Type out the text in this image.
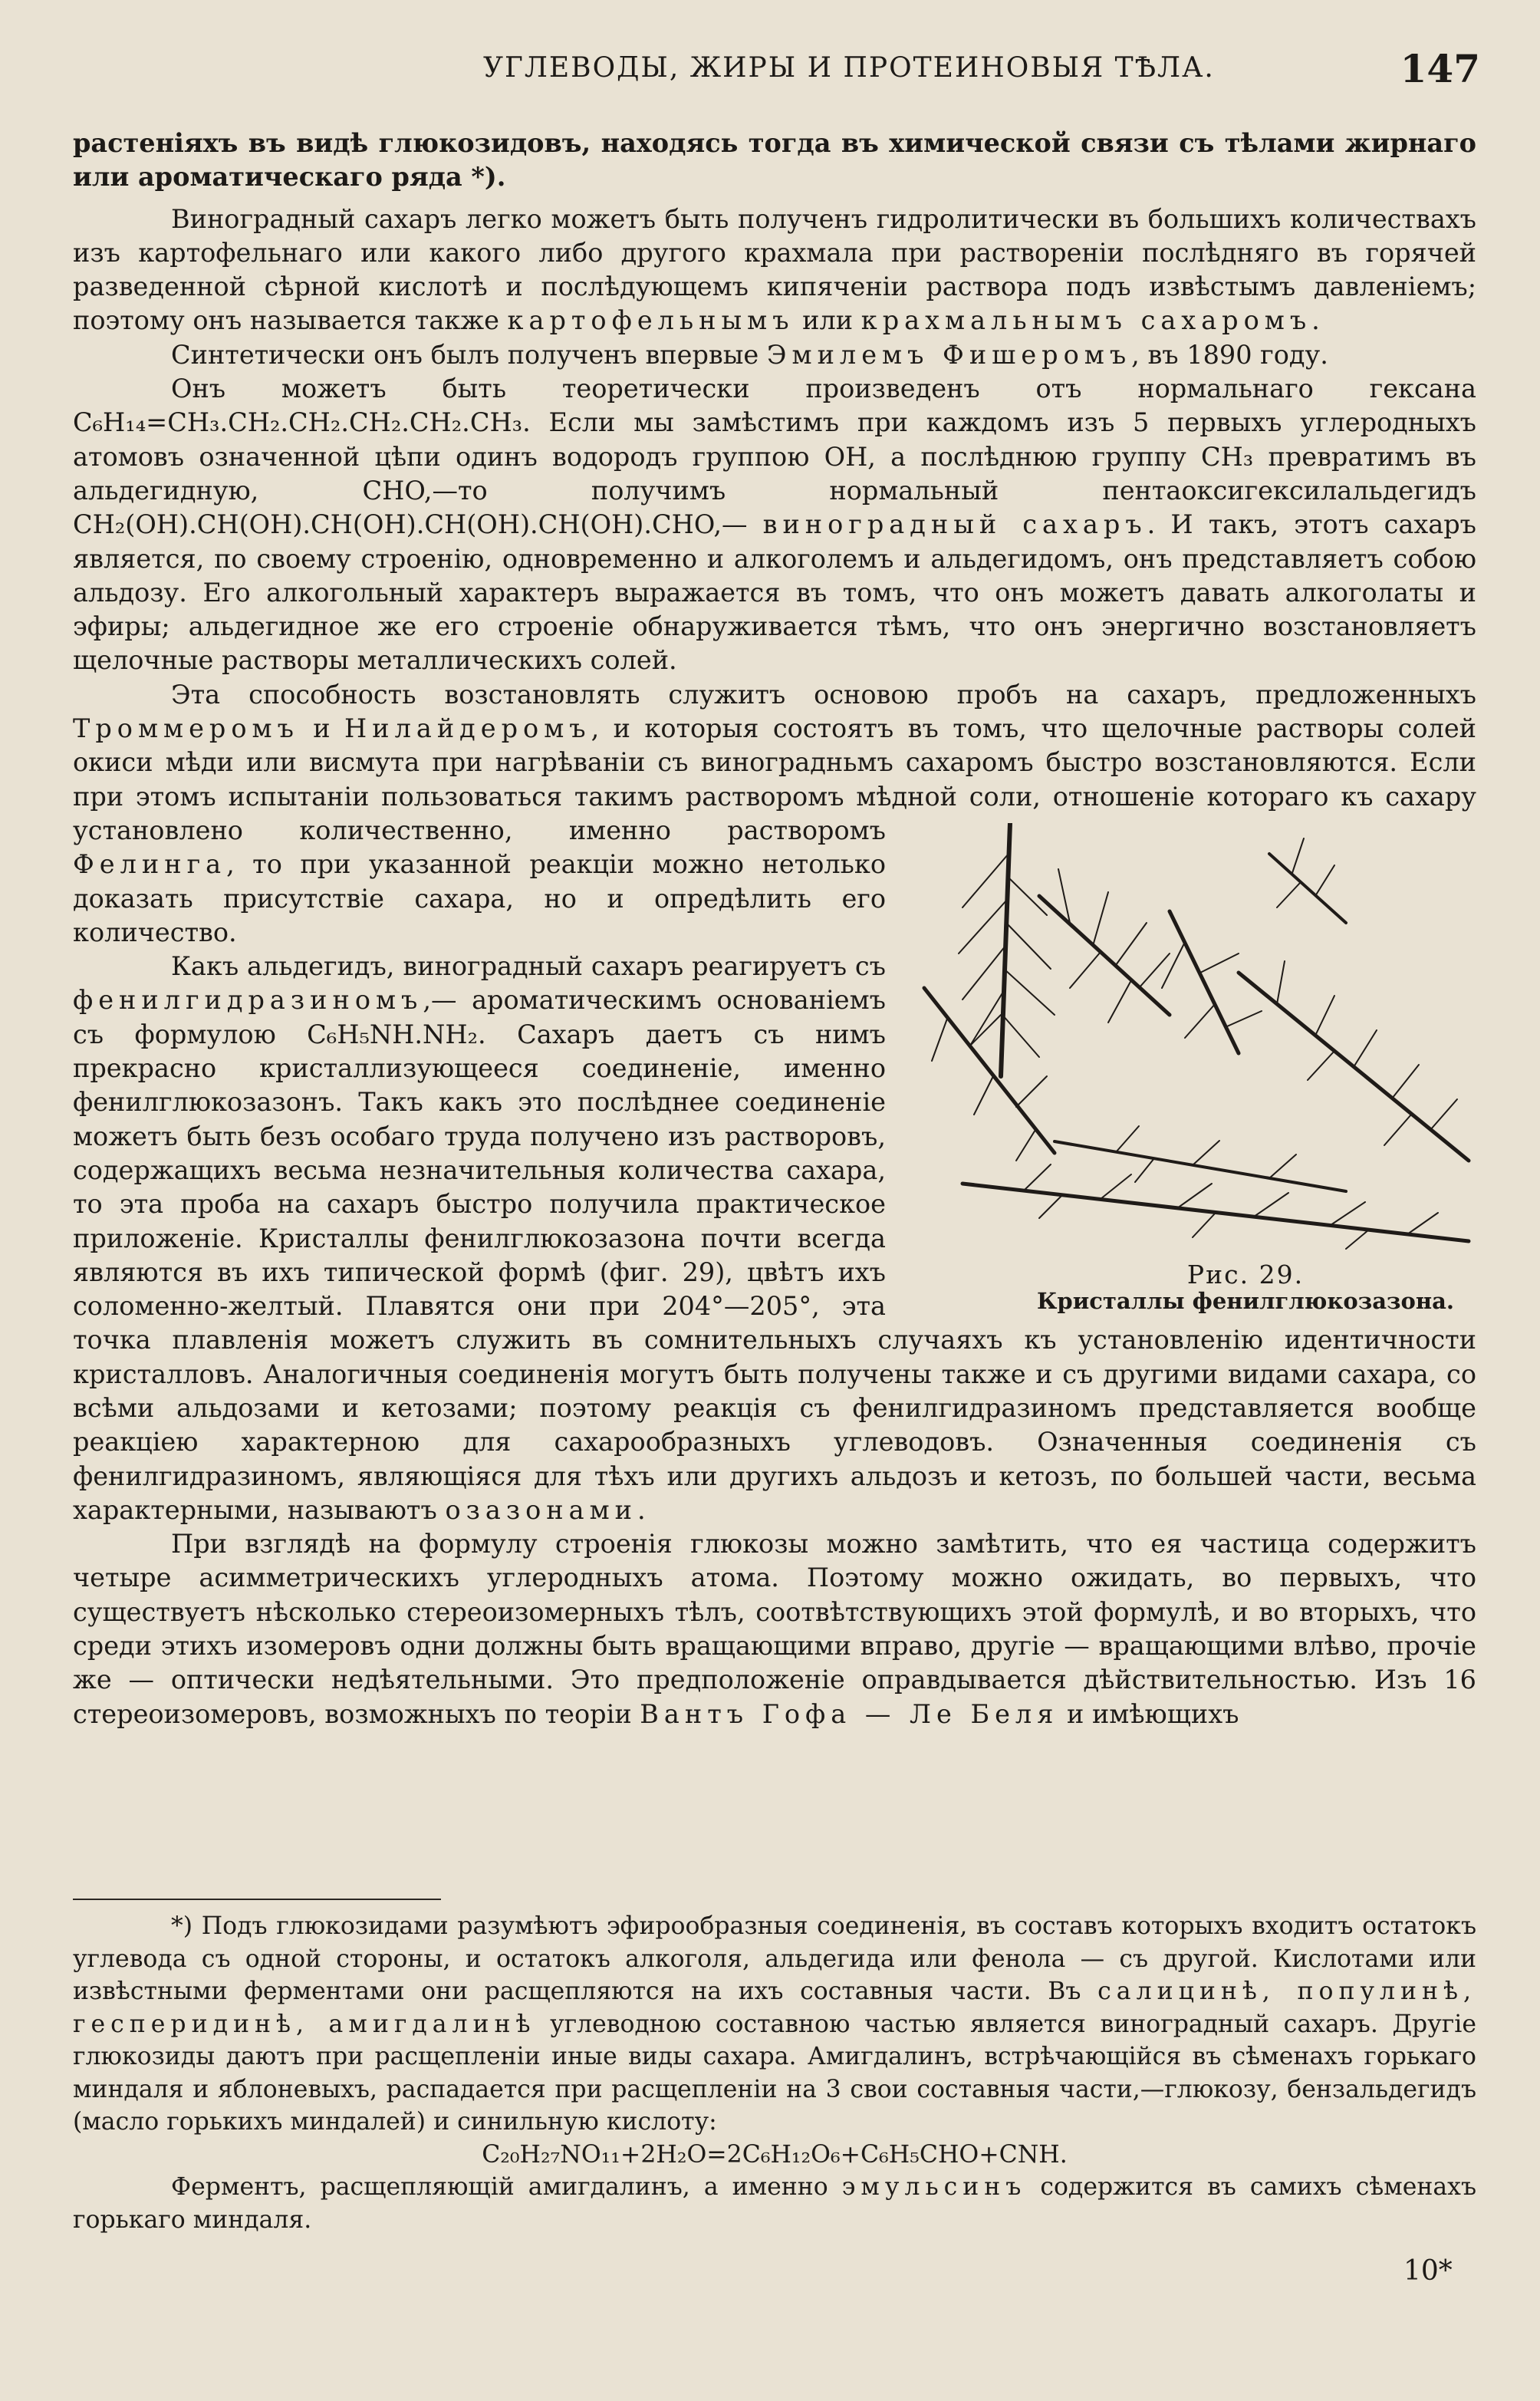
УГЛЕВОДЫ, ЖИРЫ И ПРОТЕИНОВЫЯ ТѢЛА.	147

растеніяхъ въ видѣ глюкозидовъ, находясь тогда въ химической связи съ тѣлами жирнаго или ароматическаго ряда *).

Виноградный сахаръ легко можетъ быть полученъ гидролитически въ большихъ количествахъ изъ картофельнаго или какого либо другого крахмала при раствореніи послѣдняго въ горячей разведенной сѣрной кислотѣ и послѣдующемъ кипяченіи раствора подъ извѣстымъ давленіемъ; поэтому онъ называется также картофельнымъ или крахмальнымъ сахаромъ.

Синтетически онъ былъ полученъ впервые Эмилемъ Фишеромъ, въ 1890 году.

Онъ можетъ быть теоретически произведенъ отъ нормальнаго гексана C₆H₁₄=CH₃.CH₂.CH₂.CH₂.CH₂.CH₃. Если мы замѣстимъ при каждомъ изъ 5 первыхъ углеродныхъ атомовъ означенной цѣпи одинъ водородъ группою OH, а послѣднюю группу CH₃ превратимъ въ альдегидную, CHO,—то получимъ нормальный пентаоксигексилальдегидъ CH₂(OH).CH(OH).CH(OH).CH(OH).CH(OH).CHO,— виноградный сахаръ. И такъ, этотъ сахаръ является, по своему строенію, одновременно и алкоголемъ и альдегидомъ, онъ представляетъ собою альдозу. Его алкогольный характеръ выражается въ томъ, что онъ можетъ давать алкоголаты и эфиры; альдегидное же его строеніе обнаруживается тѣмъ, что онъ энергично возстановляетъ щелочные растворы металлическихъ солей.

Эта способность возстановлять служитъ основою пробъ на сахаръ, предложенныхъ Троммеромъ и Нилайдеромъ, и которыя состоятъ въ томъ, что щелочные растворы солей окиси мѣди или висмута при нагрѣваніи съ виноградньмъ сахаромъ быстро возстановляются. Если при этомъ испытаніи пользоваться такимъ растворомъ мѣдной соли, отношеніе котораго къ сахару установлено количественно, именно растворомъ
Рис. 29.
Кристаллы фенилглюкозазона.
Фелинга, то при указанной реакціи можно нетолько доказать присутствіе сахара, но и опредѣлить его количество.

Какъ альдегидъ, виноградный сахаръ реагируетъ съ фенилгидразиномъ,— ароматическимъ основаніемъ съ формулою C₆H₅NH.NH₂. Сахаръ даетъ съ нимъ прекрасно кристаллизующееся соединеніе, именно фенилглюкозазонъ. Такъ какъ это послѣднее соединеніе можетъ быть безъ особаго труда получено изъ растворовъ, содержащихъ весьма незначительныя количества сахара, то эта проба на сахаръ быстро получила практическое приложеніе. Кристаллы фенилглюкозазона почти всегда являются въ ихъ типической формѣ (фиг. 29), цвѣтъ ихъ соломенно-желтый. Плавятся они при 204°—205°, эта точка плавленія можетъ служить въ сомнительныхъ случаяхъ къ установленію идентичности кристалловъ. Аналогичныя соединенія могутъ быть получены также и съ другими видами сахара, со всѣми альдозами и кетозами; поэтому реакція съ фенилгидразиномъ представляется вообще реакціею характерною для сахарообразныхъ углеводовъ. Означенныя соединенія съ фенилгидразиномъ, являющіяся для тѣхъ или другихъ альдозъ и кетозъ, по большей части, весьма характерными, называютъ озазонами.

При взглядѣ на формулу строенія глюкозы можно замѣтить, что ея частица содержитъ четыре асимметрическихъ углеродныхъ атома. Поэтому можно ожидать, во первыхъ, что существуетъ нѣсколько стереоизомерныхъ тѣлъ, соотвѣтствующихъ этой формулѣ, и во вторыхъ, что среди этихъ изомеровъ одни должны быть вращающими вправо, другіе — вращающими влѣво, прочіе же — оптически недѣятельными. Это предположеніе оправдывается дѣйствительностью. Изъ 16 стереоизомеровъ, возможныхъ по теоріи Вантъ Гофа — Ле Беля и имѣющихъ

*) Подъ глюкозидами разумѣютъ эфирообразныя соединенія, въ составъ которыхъ входитъ остатокъ углевода съ одной стороны, и остатокъ алкоголя, альдегида или фенола — съ другой. Кислотами или извѣстными ферментами они расщепляются на ихъ составныя части. Въ салицинѣ, популинѣ, гесперидинѣ, амигдалинѣ углеводною составною частью является виноградный сахаръ. Другіе глюкозиды даютъ при расщепленіи иные виды сахара. Амигдалинъ, встрѣчающійся въ сѣменахъ горькаго миндаля и яблоневыхъ, распадается при расщепленіи на 3 свои составныя части,—глюкозу, бензальдегидъ (масло горькихъ миндалей) и синильную кислоту:

C₂₀H₂₇NO₁₁+2H₂O=2C₆H₁₂O₆+C₆H₅CHO+CNH.

Ферментъ, расщепляющій амигдалинъ, а именно эмульсинъ содержится въ самихъ сѣменахъ горькаго миндаля.

10*
